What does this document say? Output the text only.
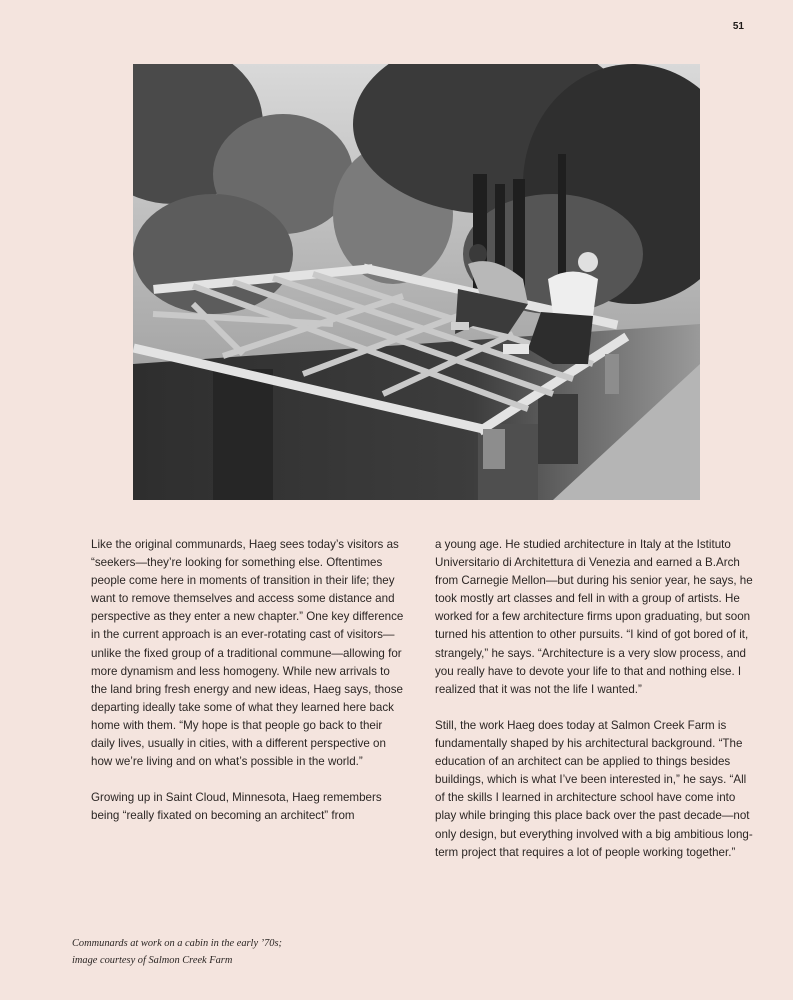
51

Like the original communards, Haeg sees today’s visitors as “seekers—they’re looking for something else. Oftentimes people come here in moments of transition in their life; they want to remove themselves and access some distance and perspective as they enter a new chapter.” One key difference in the current approach is an ever-rotating cast of visitors—unlike the fixed group of a traditional commune—allowing for more dynamism and less homogeny. While new arrivals to the land bring fresh energy and new ideas, Haeg says, those departing ideally take some of what they learned here back home with them. “My hope is that people go back to their daily lives, usually in cities, with a different perspective on how we’re living and on what’s possible in the world.”

Growing up in Saint Cloud, Minnesota, Haeg remembers being “really fixated on becoming an architect” from

a young age. He studied architecture in Italy at the Istituto Universitario di Architettura di Venezia and earned a B.Arch from Carnegie Mellon—but during his senior year, he says, he took mostly art classes and fell in with a group of artists. He worked for a few architecture firms upon graduating, but soon turned his attention to other pursuits. “I kind of got bored of it, strangely,” he says. “Architecture is a very slow process, and you really have to devote your life to that and nothing else. I realized that it was not the life I wanted.”

Still, the work Haeg does today at Salmon Creek Farm is fundamentally shaped by his architectural background. “The education of an architect can be applied to things besides buildings, which is what I’ve been interested in,” he says. “All of the skills I learned in architecture school have come into play while bringing this place back over the past decade—not only design, but everything involved with a big ambitious long-term project that requires a lot of people working together.”

Communards at work on a cabin in the early ’70s;
image courtesy of Salmon Creek Farm
